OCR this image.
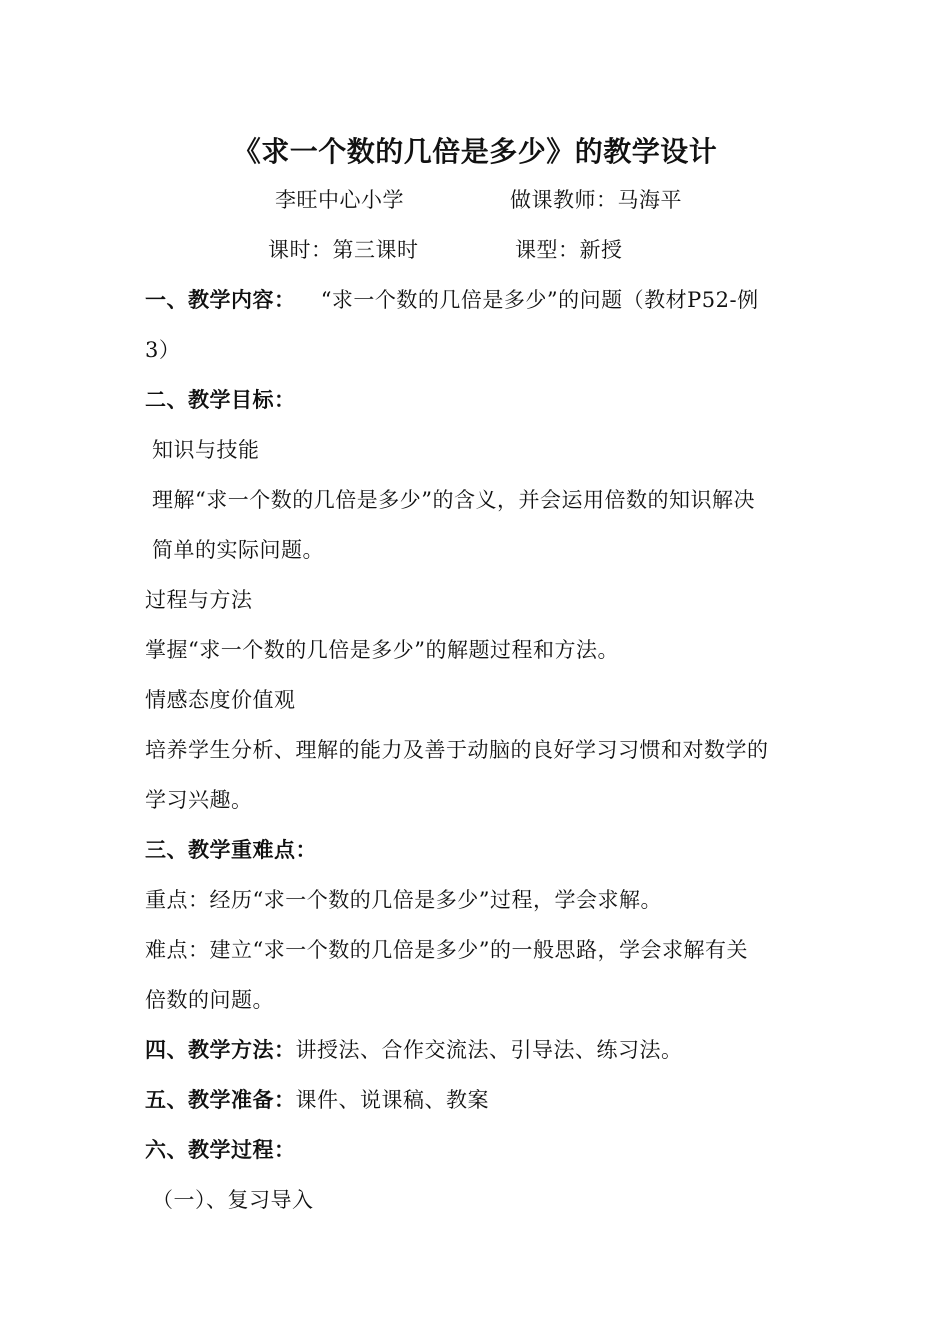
《求一个数的几倍是多少》的教学设计
李旺中心小学	做课教师：马海平
课时：第三课时	课型：新授
一、教学内容： “求一个数的几倍是多少”的问题（教材P52-例
3）
二、教学目标：
知识与技能
理解“求一个数的几倍是多少”的含义，并会运用倍数的知识解决
简单的实际问题。
过程与方法
掌握“求一个数的几倍是多少”的解题过程和方法。
情感态度价值观
培养学生分析、理解的能力及善于动脑的良好学习习惯和对数学的
学习兴趣。
三、教学重难点：
重点：经历“求一个数的几倍是多少”过程，学会求解。
难点：建立“求一个数的几倍是多少”的一般思路，学会求解有关
倍数的问题。
四、教学方法：讲授法、合作交流法、引导法、练习法。
五、教学准备：课件、说课稿、教案
六、教学过程：
（一）、复习导入
